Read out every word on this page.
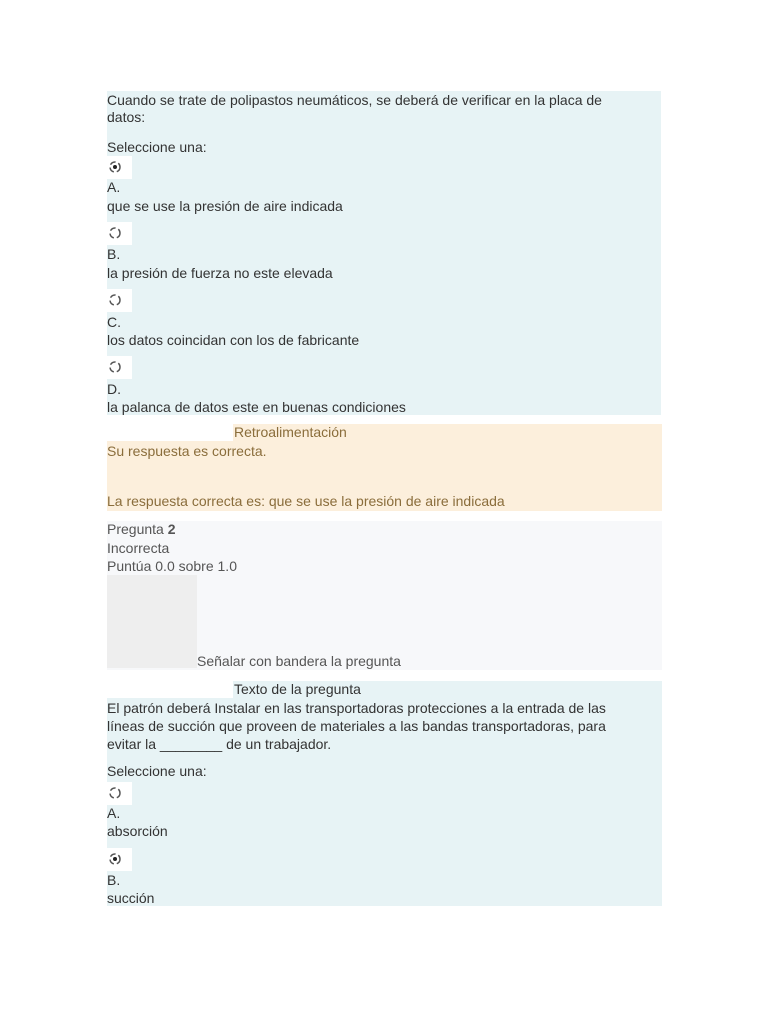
Cuando se trate de polipastos neumáticos, se deberá de verificar en la placa de
datos:
Seleccione una:
A.
que se use la presión de aire indicada
B.
la presión de fuerza no este elevada
C.
los datos coincidan con los de fabricante
D.
la palanca de datos este en buenas condiciones
Retroalimentación
Su respuesta es correcta.
La respuesta correcta es: que se use la presión de aire indicada
Pregunta 2
Incorrecta
Puntúa 0.0 sobre 1.0
Señalar con bandera la pregunta
Texto de la pregunta
El patrón deberá Instalar en las transportadoras protecciones a la entrada de las
líneas de succión que proveen de materiales a las bandas transportadoras, para
evitar la ________ de un trabajador.
Seleccione una:
A.
absorción
B.
succión
